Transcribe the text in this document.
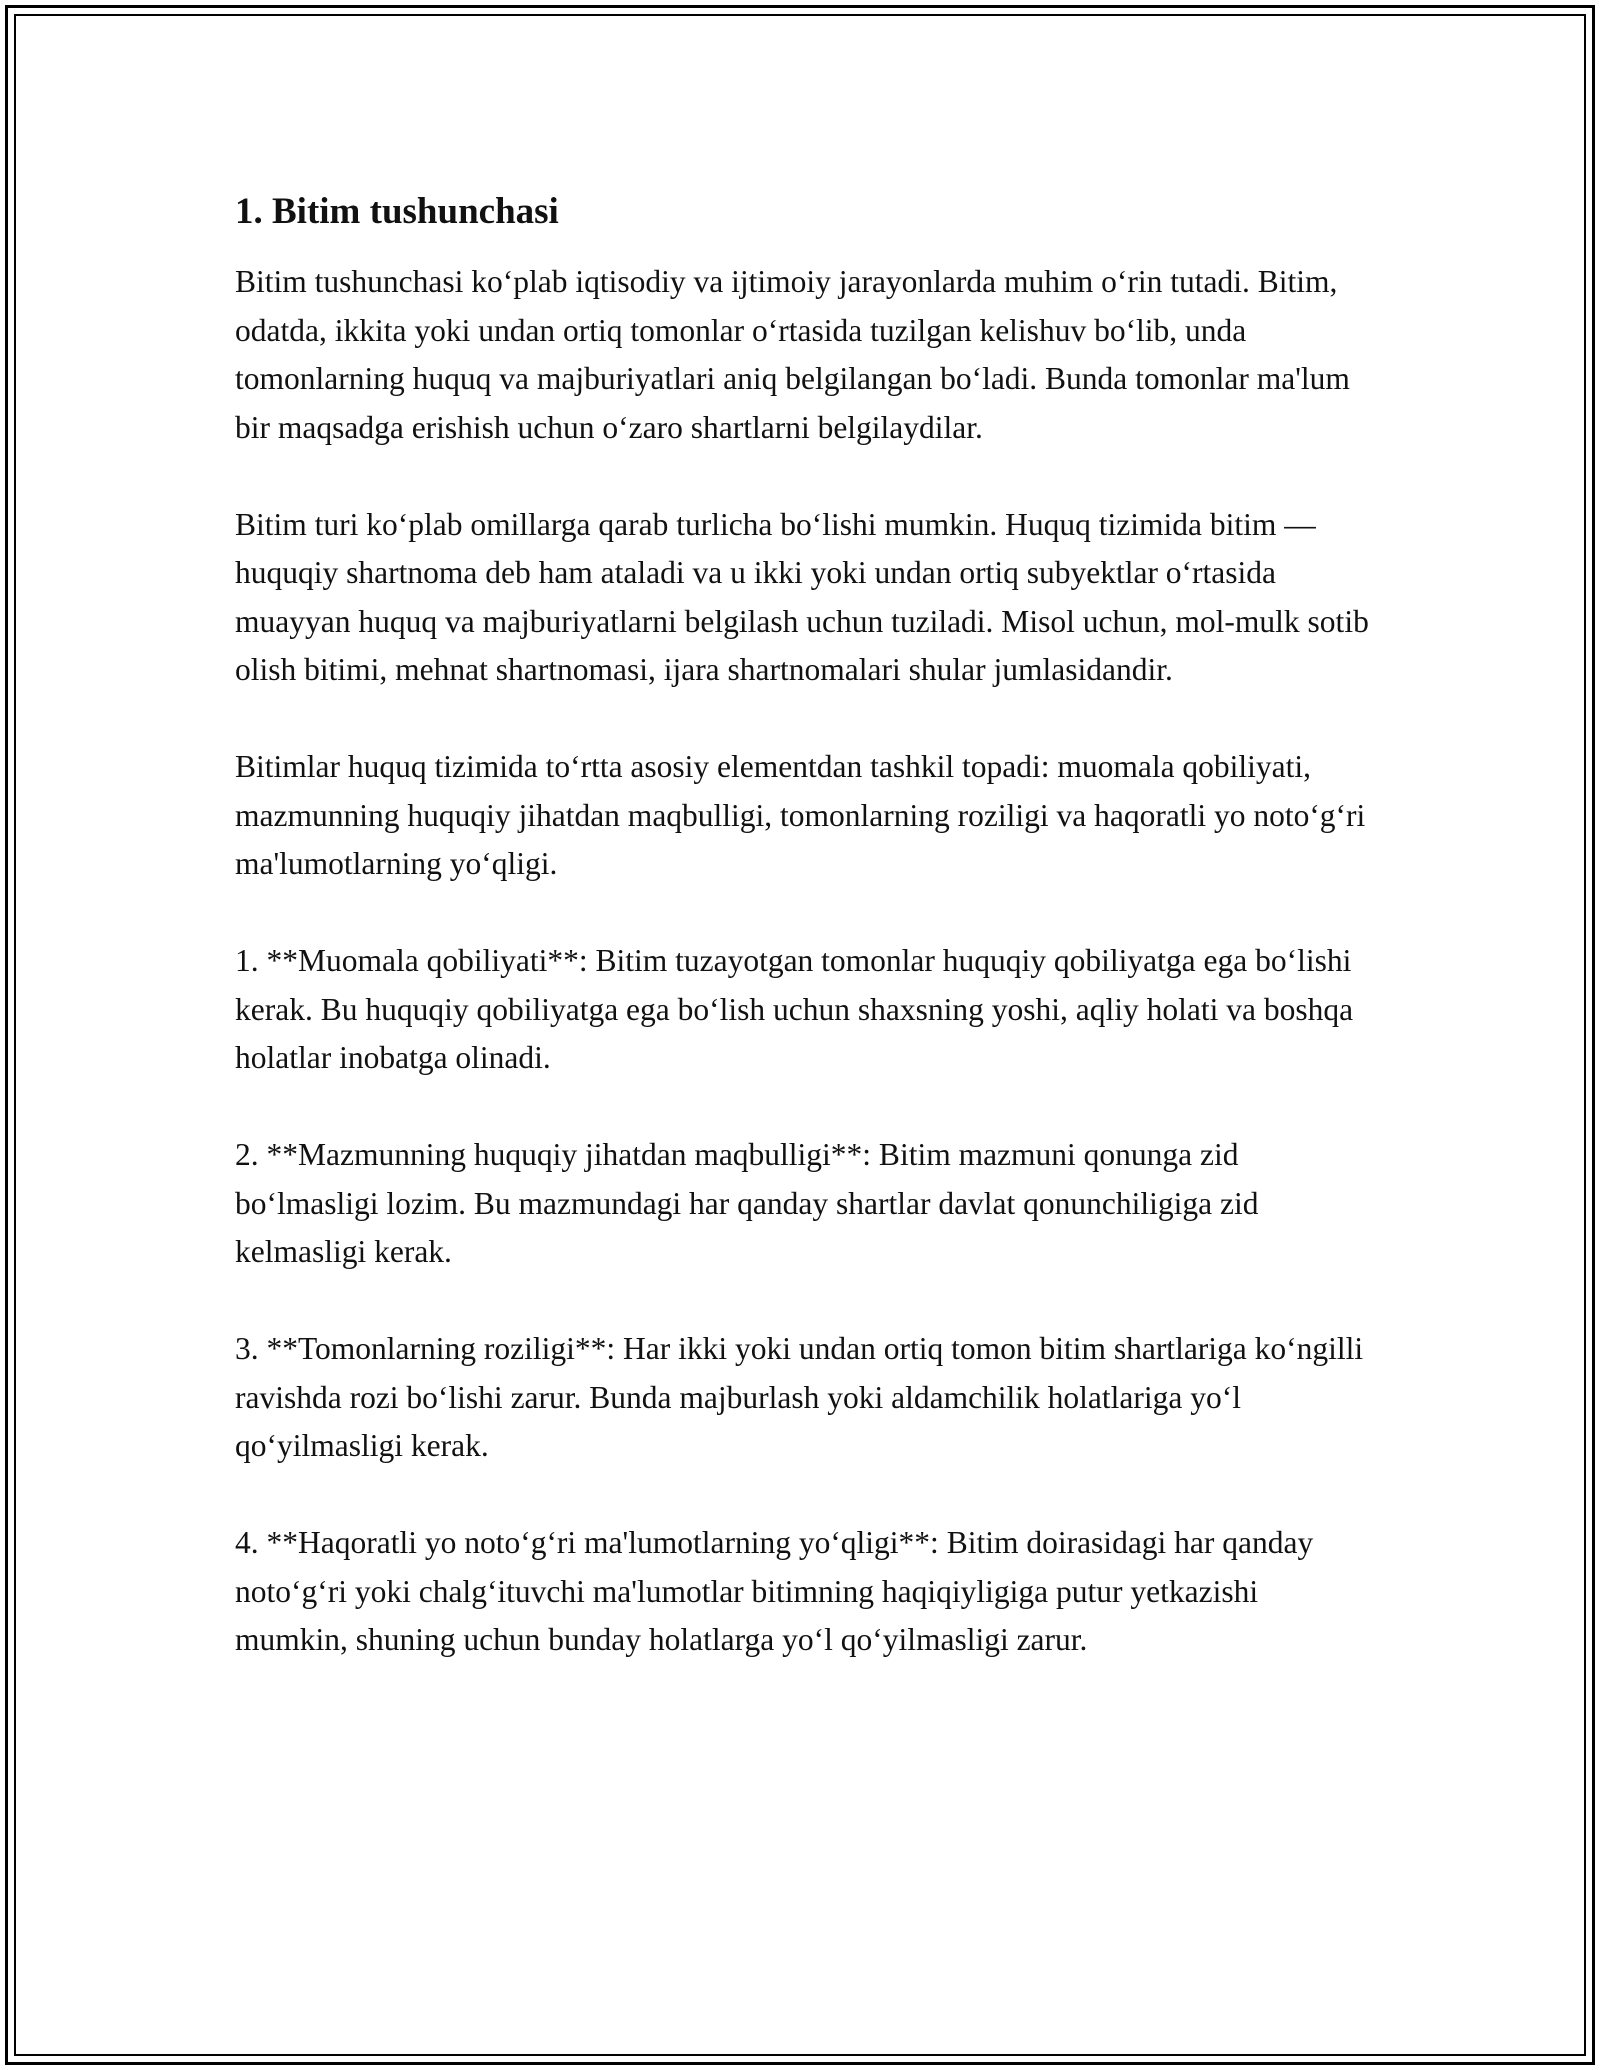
1. Bitim tushunchasi

Bitim tushunchasi koʻplab iqtisodiy va ijtimoiy jarayonlarda muhim oʻrin tutadi. Bitim, odatda, ikkita yoki undan ortiq tomonlar oʻrtasida tuzilgan kelishuv boʻlib, unda tomonlarning huquq va majburiyatlari aniq belgilangan boʻladi. Bunda tomonlar ma'lum bir maqsadga erishish uchun oʻzaro shartlarni belgilaydilar.

Bitim turi koʻplab omillarga qarab turlicha boʻlishi mumkin. Huquq tizimida bitim — huquqiy shartnoma deb ham ataladi va u ikki yoki undan ortiq subyektlar oʻrtasida muayyan huquq va majburiyatlarni belgilash uchun tuziladi. Misol uchun, mol-mulk sotib olish bitimi, mehnat shartnomasi, ijara shartnomalari shular jumlasidandir.

Bitimlar huquq tizimida toʻrtta asosiy elementdan tashkil topadi: muomala qobiliyati, mazmunning huquqiy jihatdan maqbulligi, tomonlarning roziligi va haqoratli yo notoʻgʻri ma'lumotlarning yoʻqligi.

1. **Muomala qobiliyati**: Bitim tuzayotgan tomonlar huquqiy qobiliyatga ega boʻlishi kerak. Bu huquqiy qobiliyatga ega boʻlish uchun shaxsning yoshi, aqliy holati va boshqa holatlar inobatga olinadi.

2. **Mazmunning huquqiy jihatdan maqbulligi**: Bitim mazmuni qonunga zid boʻlmasligi lozim. Bu mazmundagi har qanday shartlar davlat qonunchiligiga zid kelmasligi kerak.

3. **Tomonlarning roziligi**: Har ikki yoki undan ortiq tomon bitim shartlariga koʻngilli ravishda rozi boʻlishi zarur. Bunda majburlash yoki aldamchilik holatlariga yoʻl qoʻyilmasligi kerak.

4. **Haqoratli yo notoʻgʻri ma'lumotlarning yoʻqligi**: Bitim doirasidagi har qanday notoʻgʻri yoki chalgʻituvchi ma'lumotlar bitimning haqiqiyligiga putur yetkazishi mumkin, shuning uchun bunday holatlarga yoʻl qoʻyilmasligi zarur.
